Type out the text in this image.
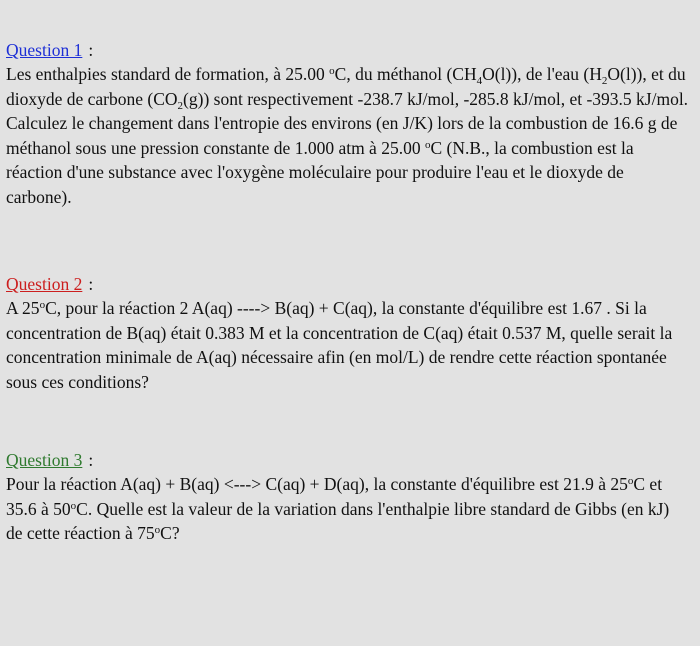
Question 1 :

Les enthalpies standard de formation, à 25.00 $^o$C, du méthanol $(CH_4O(l))$, de l'eau $(H_2O(l))$, et du dioxyde de carbone $(CO_2(g))$ sont respectivement -238.7 kJ/mol, -285.8 kJ/mol, et -393.5 kJ/mol. Calculez le changement dans l'entropie des environs (en J/K) lors de la combustion de 16.6 g de méthanol sous une pression constante de 1.000 atm à 25.00 $^o$C (N.B., la combustion est la réaction d'une substance avec l'oxygène moléculaire pour produire l'eau et le dioxyde de carbone).

Question 2 :

A 25$^o$C, pour la réaction 2 A(aq) ----> B(aq) + C(aq), la constante d'équilibre est 1.67 . Si la concentration de B(aq) était 0.383 M et la concentration de C(aq) était 0.537 M, quelle serait la concentration minimale de A(aq) nécessaire afin (en mol/L) de rendre cette réaction spontanée sous ces conditions?

Question 3 :

Pour la réaction A(aq) + B(aq) <---> C(aq) + D(aq), la constante d'équilibre est 21.9 à 25$^o$C et 35.6 à 50$^o$C. Quelle est la valeur de la variation dans l'enthalpie libre standard de Gibbs (en kJ) de cette réaction à 75$^o$C?
